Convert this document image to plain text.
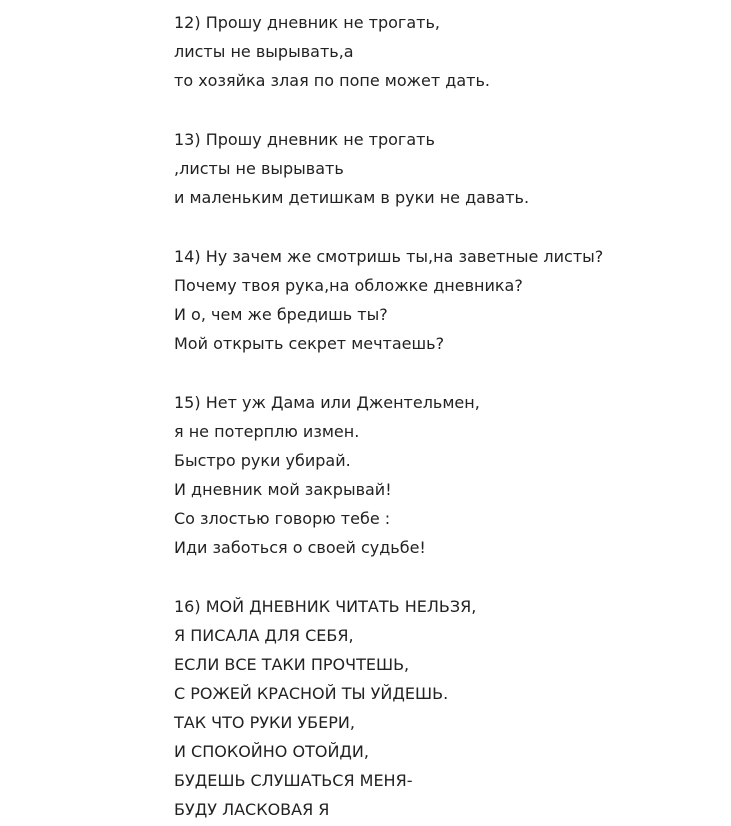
12) Прошу дневник не трогать,
листы не вырывать,а
то хозяйка злая по попе может дать.
13) Прошу дневник не трогать
,листы не вырывать
и маленьким детишкам в руки не давать.
14) Ну зачем же смотришь ты,на заветные листы?
Почему твоя рука,на обложке дневника?
И о, чем же бредишь ты?
Мой открыть секрет мечтаешь?
15) Нет уж Дама или Джентельмен,
я не потерплю измен.
Быстро руки убирай.
И дневник мой закрывай!
Со злостью говорю тебе :
Иди заботься о своей судьбе!
16) МОЙ ДНЕВНИК ЧИТАТЬ НЕЛЬЗЯ,
Я ПИСАЛА ДЛЯ СЕБЯ,
ЕСЛИ ВСЕ ТАКИ ПРОЧТЕШЬ,
С РОЖЕЙ КРАСНОЙ ТЫ УЙДЕШЬ.
ТАК ЧТО РУКИ УБЕРИ,
И СПОКОЙНО ОТОЙДИ,
БУДЕШЬ СЛУШАТЬСЯ МЕНЯ-
БУДУ ЛАСКОВАЯ Я
